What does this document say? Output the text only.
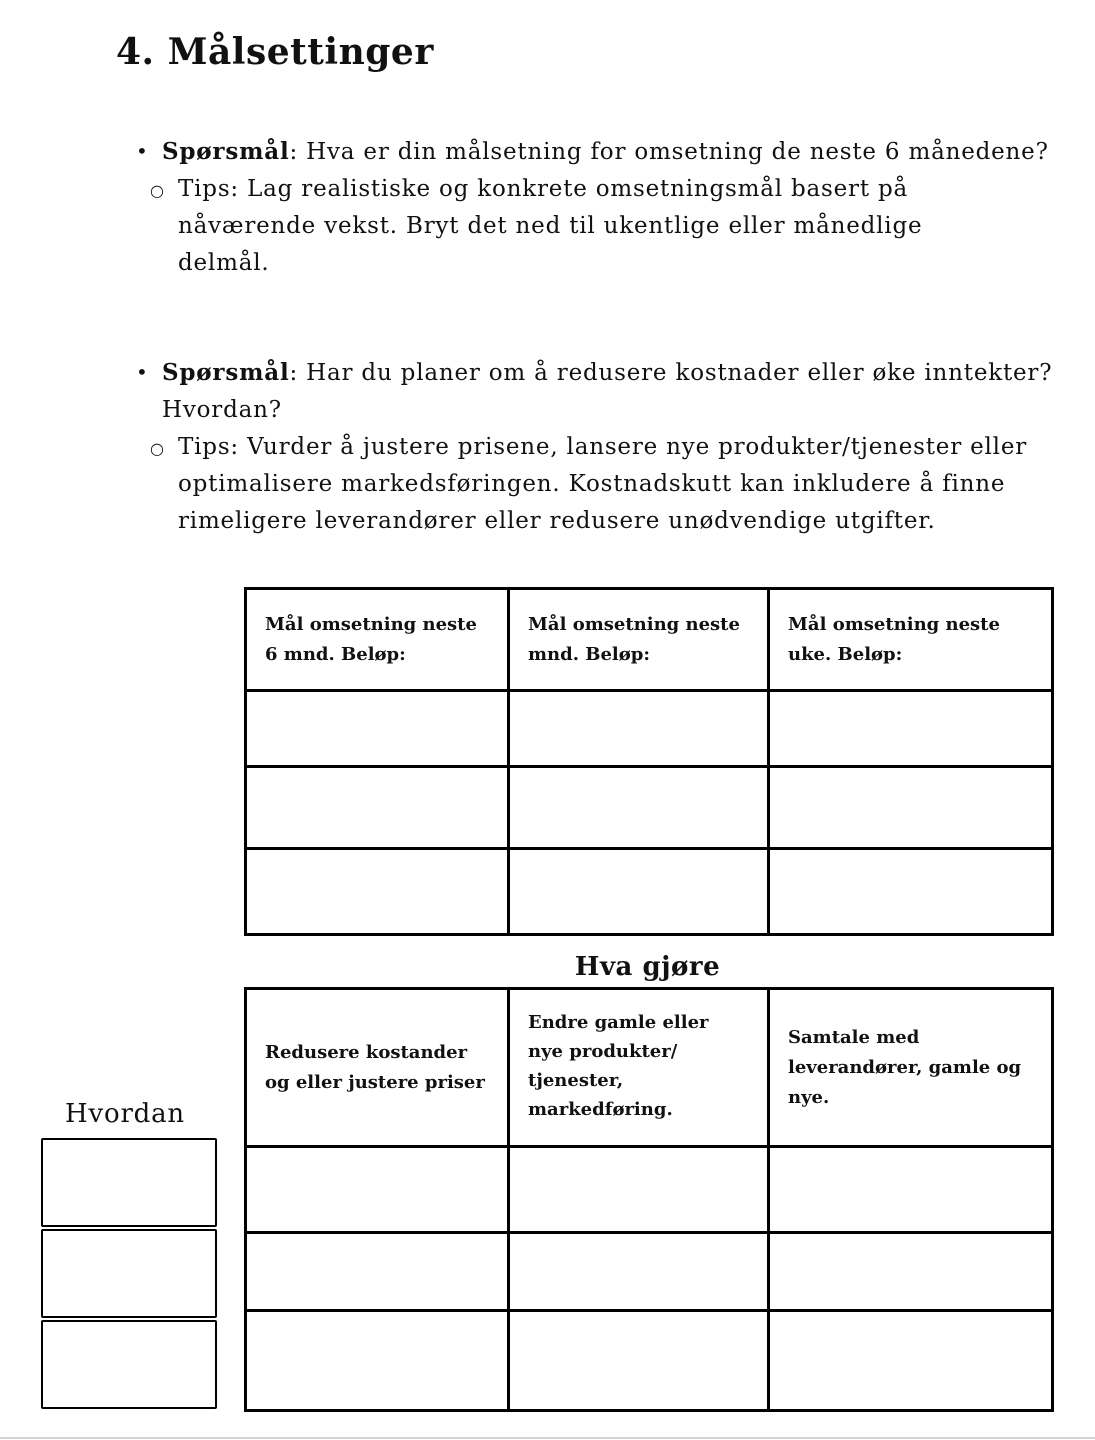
4. Målsettinger
• Spørsmål: Hva er din målsetning for omsetning de neste 6 månedene?
○ Tips: Lag realistiske og konkrete omsetningsmål basert på nåværende vekst. Bryt det ned til ukentlige eller månedlige delmål.
• Spørsmål: Har du planer om å redusere kostnader eller øke inntekter? Hvordan?
○ Tips: Vurder å justere prisene, lansere nye produkter/tjenester eller optimalisere markedsføringen. Kostnadskutt kan inkludere å finne rimeligere leverandører eller redusere unødvendige utgifter.
Mål omsetning neste 6 mnd. Beløp:	Mål omsetning neste mnd. Beløp:	Mål omsetning neste uke. Beløp:

Hva gjøre
Redusere kostander og eller justere priser	Endre gamle eller nye produkter/ tjenester, markedføring.	Samtale med leverandører, gamle og nye.

Hvordan
